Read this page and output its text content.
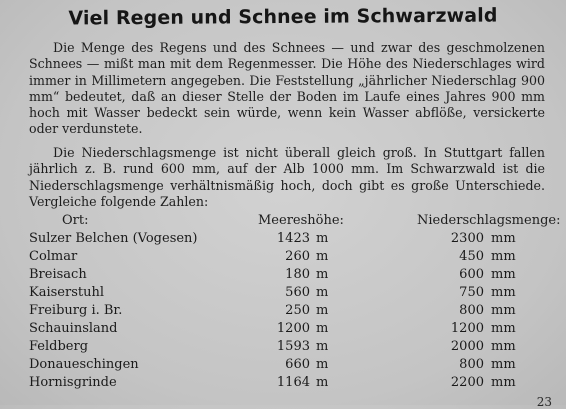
Viel Regen und Schnee im Schwarzwald

Die Menge des Regens und des Schnees — und zwar des geschmolzenen Schnees — mißt man mit dem Regenmesser. Die Höhe des Niederschlages wird immer in Millimetern angegeben. Die Feststellung „jährlicher Niederschlag 900 mm“ bedeutet, daß an dieser Stelle der Boden im Laufe eines Jahres 900 mm hoch mit Wasser bedeckt sein würde, wenn kein Wasser abflöße, versickerte oder verdunstete.

Die Niederschlagsmenge ist nicht überall gleich groß. In Stuttgart fallen jährlich z. B. rund 600 mm, auf der Alb 1000 mm. Im Schwarzwald ist die Niederschlagsmenge verhältnismäßig hoch, doch gibt es große Unterschiede. Vergleiche folgende Zahlen:

Ort:	Meereshöhe:	Niederschlagsmenge:
Sulzer Belchen (Vogesen)	1423 m	2300 mm
Colmar	260 m	450 mm
Breisach	180 m	600 mm
Kaiserstuhl	560 m	750 mm
Freiburg i. Br.	250 m	800 mm
Schauinsland	1200 m	1200 mm
Feldberg	1593 m	2000 mm
Donaueschingen	660 m	800 mm
Hornisgrinde	1164 m	2200 mm
23
